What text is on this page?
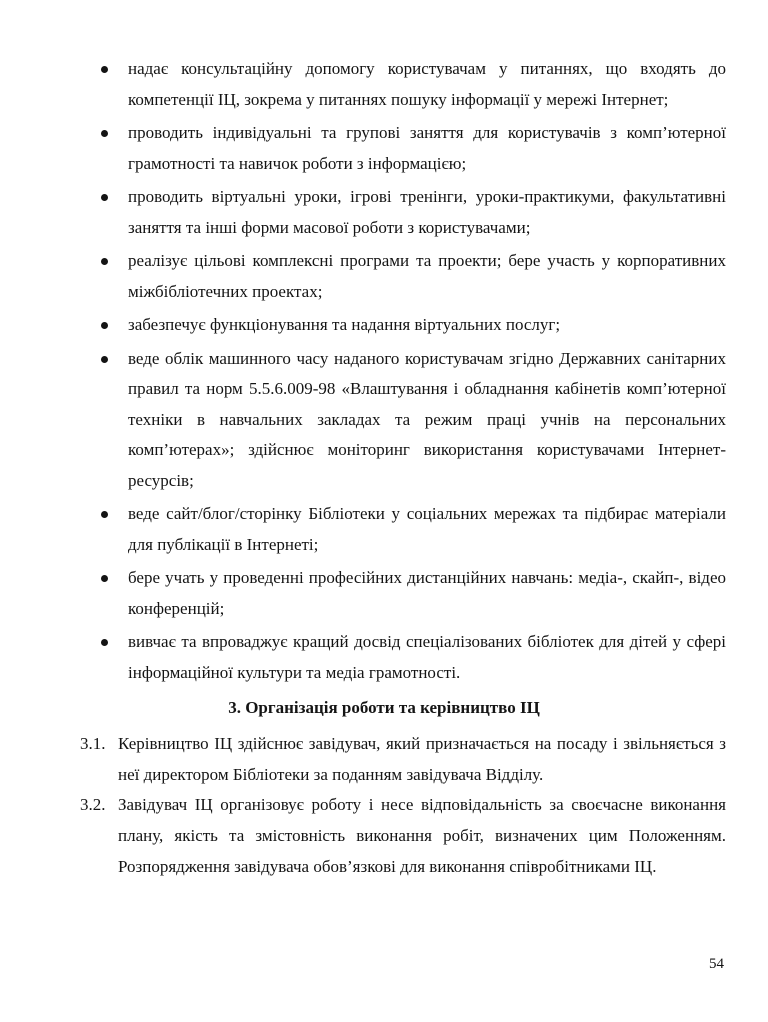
надає консультаційну допомогу користувачам у питаннях, що входять до компетенції ІЦ, зокрема у питаннях пошуку інформації у мережі Інтернет;
проводить індивідуальні та групові заняття для користувачів з комп’ютерної грамотності та навичок роботи з інформацією;
проводить віртуальні уроки, ігрові тренінги, уроки-практикуми, факультативні заняття та інші форми масової роботи з користувачами;
реалізує цільові комплексні програми та проекти; бере участь у корпоративних міжбібліотечних проектах;
забезпечує функціонування та надання віртуальних послуг;
веде облік машинного часу наданого користувачам згідно Державних санітарних правил та норм 5.5.6.009-98 «Влаштування і обладнання кабінетів комп’ютерної техніки в навчальних закладах та режим праці учнів на персональних комп’ютерах»; здійснює моніторинг використання користувачами Інтернет-ресурсів;
веде сайт/блог/сторінку Бібліотеки у соціальних мережах та підбирає матеріали для публікації в Інтернеті;
бере учать у проведенні професійних дистанційних навчань: медіа-, скайп-, відео конференцій;
вивчає та впроваджує кращий досвід спеціалізованих бібліотек для дітей у сфері інформаційної культури та медіа грамотності.
3. Організація роботи та керівництво ІЦ

3.1. Керівництво ІЦ здійснює завідувач, який призначається на посаду і звільняється з неї директором Бібліотеки за поданням завідувача Відділу.

3.2. Завідувач ІЦ організовує роботу і несе відповідальність за своєчасне виконання плану, якість та змістовність виконання робіт, визначених цим Положенням. Розпорядження завідувача обов’язкові для виконання співробітниками ІЦ.

54
